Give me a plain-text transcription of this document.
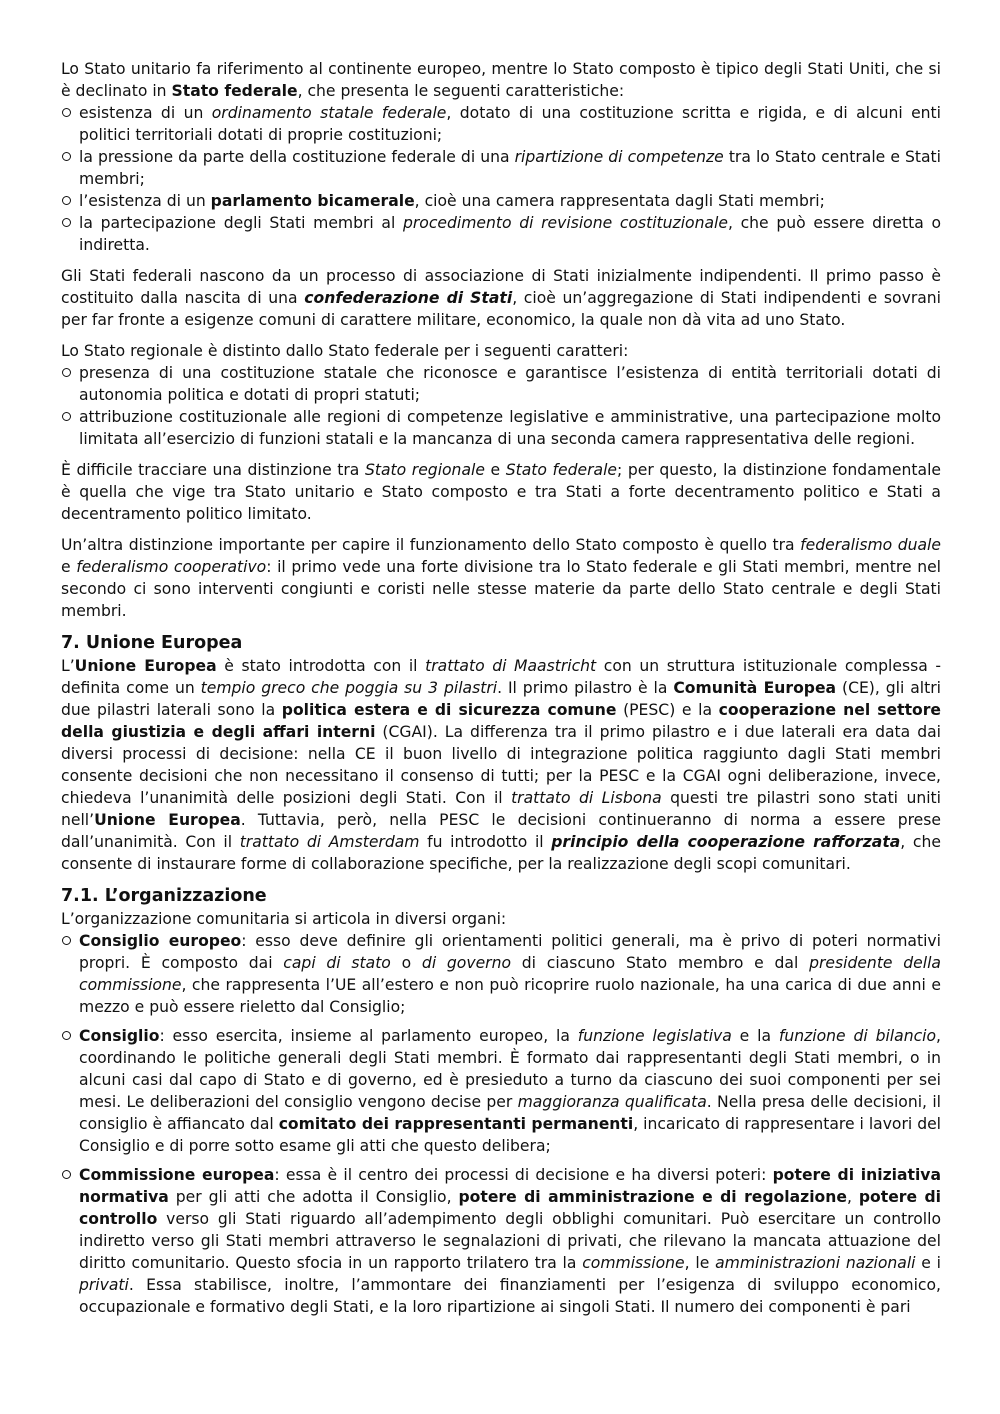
Lo Stato unitario fa riferimento al continente europeo, mentre lo Stato composto è tipico degli Stati Uniti, che si è declinato in Stato federale, che presenta le seguenti caratteristiche:

esistenza di un ordinamento statale federale, dotato di una costituzione scritta e rigida, e di alcuni enti politici territoriali dotati di proprie costituzioni;
la pressione da parte della costituzione federale di una ripartizione di competenze tra lo Stato centrale e Stati membri;
l’esistenza di un parlamento bicamerale, cioè una camera rappresentata dagli Stati membri;
la partecipazione degli Stati membri al procedimento di revisione costituzionale, che può essere diretta o indiretta.

Gli Stati federali nascono da un processo di associazione di Stati inizialmente indipendenti. Il primo passo è costituito dalla nascita di una confederazione di Stati, cioè un’aggregazione di Stati indipendenti e sovrani per far fronte a esigenze comuni di carattere militare, economico, la quale non dà vita ad uno Stato.

Lo Stato regionale è distinto dallo Stato federale per i seguenti caratteri:

presenza di una costituzione statale che riconosce e garantisce l’esistenza di entità territoriali dotati di autonomia politica e dotati di propri statuti;
attribuzione costituzionale alle regioni di competenze legislative e amministrative, una partecipazione molto limitata all’esercizio di funzioni statali e la mancanza di una seconda camera rappresentativa delle regioni.

È difficile tracciare una distinzione tra Stato regionale e Stato federale; per questo, la distinzione fondamentale è quella che vige tra Stato unitario e Stato composto e tra Stati a forte decentramento politico e Stati a decentramento politico limitato.

Un’altra distinzione importante per capire il funzionamento dello Stato composto è quello tra federalismo duale e federalismo cooperativo: il primo vede una forte divisione tra lo Stato federale e gli Stati membri, mentre nel secondo ci sono interventi congiunti e coristi nelle stesse materie da parte dello Stato centrale e degli Stati membri.

7. Unione Europea

L’Unione Europea è stato introdotta con il trattato di Maastricht con un struttura istituzionale complessa - definita come un tempio greco che poggia su 3 pilastri. Il primo pilastro è la Comunità Europea (CE), gli altri due pilastri laterali sono la politica estera e di sicurezza comune (PESC) e la cooperazione nel settore della giustizia e degli affari interni (CGAI). La differenza tra il primo pilastro e i due laterali era data dai diversi processi di decisione: nella CE il buon livello di integrazione politica raggiunto dagli Stati membri consente decisioni che non necessitano il consenso di tutti; per la PESC e la CGAI ogni deliberazione, invece, chiedeva l’unanimità delle posizioni degli Stati. Con il trattato di Lisbona questi tre pilastri sono stati uniti nell’Unione Europea. Tuttavia, però, nella PESC le decisioni continueranno di norma a essere prese dall’unanimità. Con il trattato di Amsterdam fu introdotto il principio della cooperazione rafforzata, che consente di instaurare forme di collaborazione specifiche, per la realizzazione degli scopi comunitari.

7.1. L’organizzazione

L’organizzazione comunitaria si articola in diversi organi:

Consiglio europeo: esso deve definire gli orientamenti politici generali, ma è privo di poteri normativi propri. È composto dai capi di stato o di governo di ciascuno Stato membro e dal presidente della commissione, che rappresenta l’UE all’estero e non può ricoprire ruolo nazionale, ha una carica di due anni e mezzo e può essere rieletto dal Consiglio;
Consiglio: esso esercita, insieme al parlamento europeo, la funzione legislativa e la funzione di bilancio, coordinando le politiche generali degli Stati membri. È formato dai rappresentanti degli Stati membri, o in alcuni casi dal capo di Stato e di governo, ed è presieduto a turno da ciascuno dei suoi componenti per sei mesi. Le deliberazioni del consiglio vengono decise per maggioranza qualificata. Nella presa delle decisioni, il consiglio è affiancato dal comitato dei rappresentanti permanenti, incaricato di rappresentare i lavori del Consiglio e di porre sotto esame gli atti che questo delibera;
Commissione europea: essa è il centro dei processi di decisione e ha diversi poteri: potere di iniziativa normativa per gli atti che adotta il Consiglio, potere di amministrazione e di regolazione, potere di controllo verso gli Stati riguardo all’adempimento degli obblighi comunitari. Può esercitare un controllo indiretto verso gli Stati membri attraverso le segnalazioni di privati, che rilevano la mancata attuazione del diritto comunitario. Questo sfocia in un rapporto trilatero tra la commissione, le amministrazioni nazionali e i privati. Essa stabilisce, inoltre, l’ammontare dei finanziamenti per l’esigenza di sviluppo economico, occupazionale e formativo degli Stati, e la loro ripartizione ai singoli Stati. Il numero dei componenti è pari
